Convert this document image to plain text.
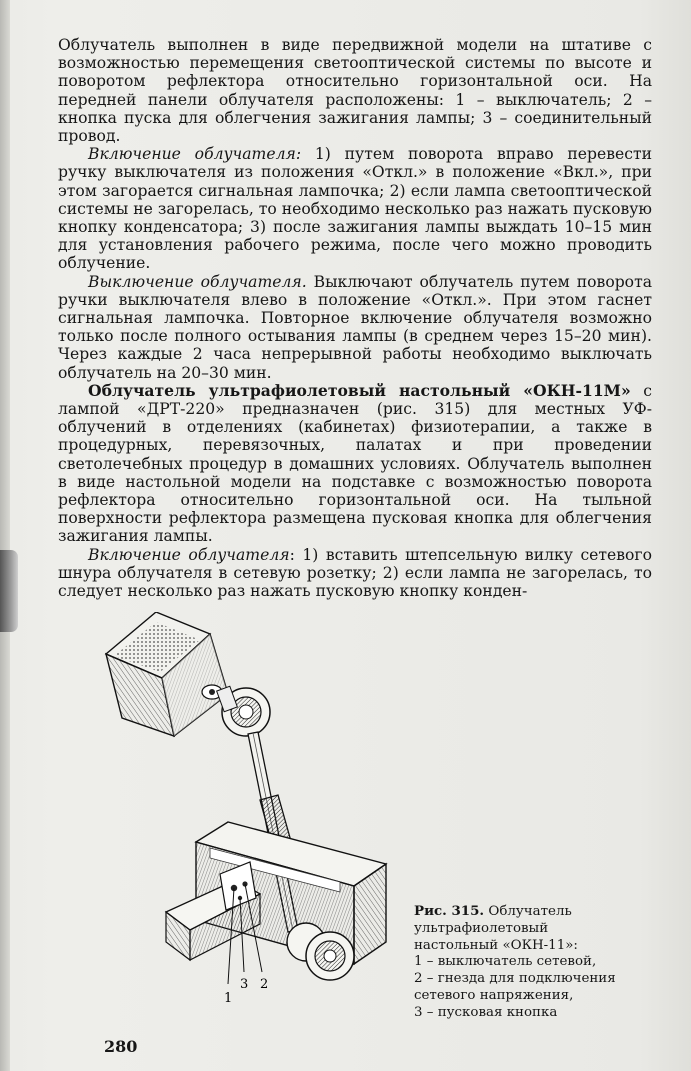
Облучатель выполнен в виде передвижной модели на штативе с возможностью перемещения светооптической системы по высоте и поворотом рефлектора относительно горизонтальной оси. На передней панели облучателя расположены: 1 – выключатель; 2 – кнопка пуска для облегчения зажигания лампы; 3 – соединительный провод.

Включение облучателя: 1) путем поворота вправо перевести ручку выключателя из положения «Откл.» в положение «Вкл.», при этом загорается сигнальная лампочка; 2) если лампа светооптической системы не загорелась, то необходимо несколько раз нажать пусковую кнопку конденсатора; 3) после зажигания лампы выждать 10–15 мин для установления рабочего режима, после чего можно проводить облучение.

Выключение облучателя. Выключают облучатель путем поворота ручки выключателя влево в положение «Откл.». При этом гаснет сигнальная лампочка. Повторное включение облучателя возможно только после полного остывания лампы (в среднем через 15–20 мин). Через каждые 2 часа непрерывной работы необходимо выключать облучатель на 20–30 мин.

Облучатель ультрафиолетовый настольный «ОКН-11М» с лампой «ДРТ-220» предназначен (рис. 315) для местных УФ-облучений в отделениях (кабинетах) физиотерапии, а также в процедурных, перевязочных, палатах и при проведении светолечебных процедур в домашних условиях. Облучатель выполнен в виде настольной модели на подставке с возможностью поворота рефлектора относительно горизонтальной оси. На тыльной поверхности рефлектора размещена пусковая кнопка для облегчения зажигания лампы.

Включение облучателя: 1) вставить штепсельную вилку сетевого шнура облучателя в сетевую розетку; 2) если лампа не загорелась, то следует несколько раз нажать пусковую кнопку конден-

1
3 2
Рис. 315. Облучатель
ультрафиолетовый
настольный «ОКН-11»:
1 – выключатель сетевой,
2 – гнезда для подключения
сетевого напряжения,
3 – пусковая кнопка
280
